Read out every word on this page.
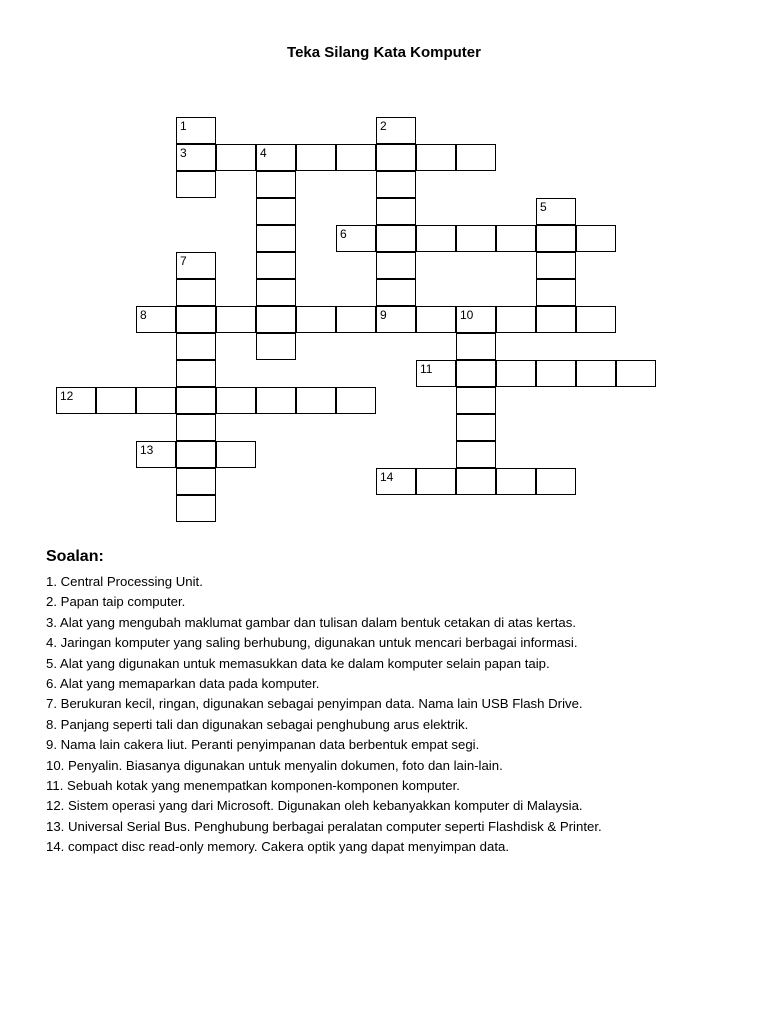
Teka Silang Kata Komputer
1
3
2
4
5
6
7
8	9	10
11
12
13
14
Soalan:
1. Central Processing Unit.
2. Papan taip computer.
3. Alat yang mengubah maklumat gambar dan tulisan dalam bentuk cetakan di atas kertas.
4. Jaringan komputer yang saling berhubung, digunakan untuk mencari berbagai informasi.
5. Alat yang digunakan untuk memasukkan data ke dalam komputer selain papan taip.
6. Alat yang memaparkan data pada komputer.
7. Berukuran kecil, ringan, digunakan sebagai penyimpan data. Nama lain USB Flash Drive.
8. Panjang seperti tali dan digunakan sebagai penghubung arus elektrik.
9. Nama lain cakera liut. Peranti penyimpanan data berbentuk empat segi.
10. Penyalin. Biasanya digunakan untuk menyalin dokumen, foto dan lain-lain.
11. Sebuah kotak yang menempatkan komponen-komponen komputer.
12. Sistem operasi yang dari Microsoft. Digunakan oleh kebanyakkan komputer di Malaysia.
13. Universal Serial Bus. Penghubung berbagai peralatan computer seperti Flashdisk & Printer.
14. compact disc read-only memory. Cakera optik yang dapat menyimpan data.
